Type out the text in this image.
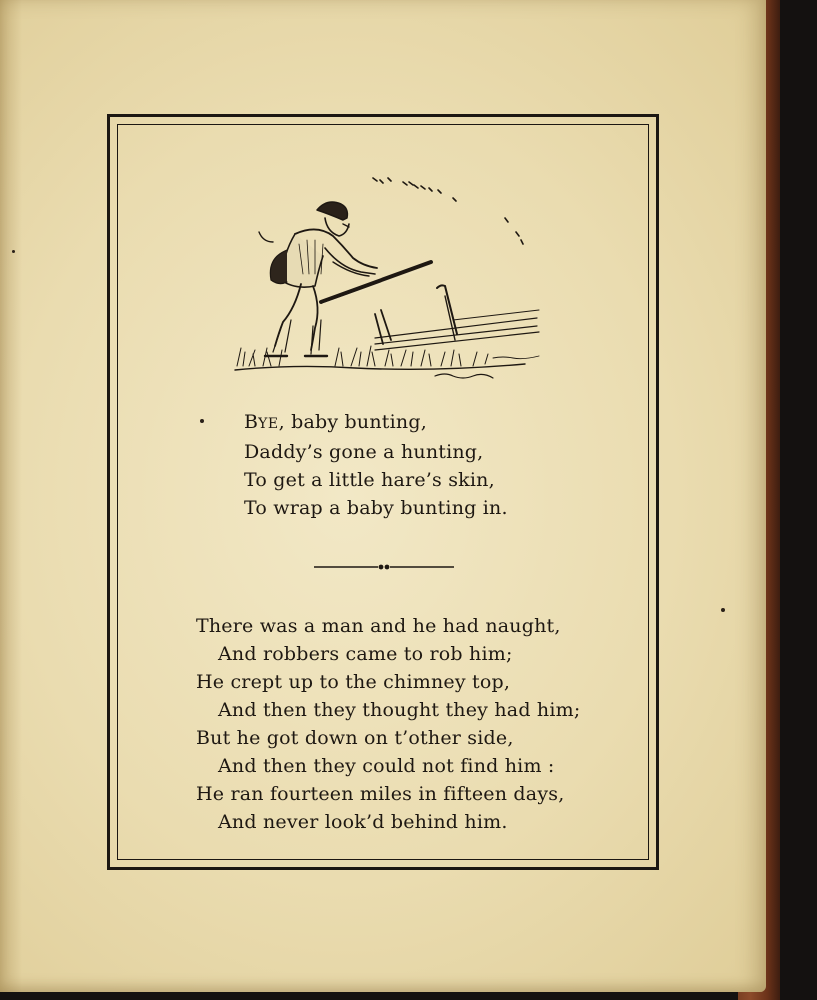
BYE, baby bunting,
Daddy’s gone a hunting,
To get a little hare’s skin,
To wrap a baby bunting in.
There was a man and he had naught,
And robbers came to rob him;
He crept up to the chimney top,
And then they thought they had him;
But he got down on t’other side,
And then they could not find him :
He ran fourteen miles in fifteen days,
And never look’d behind him.
